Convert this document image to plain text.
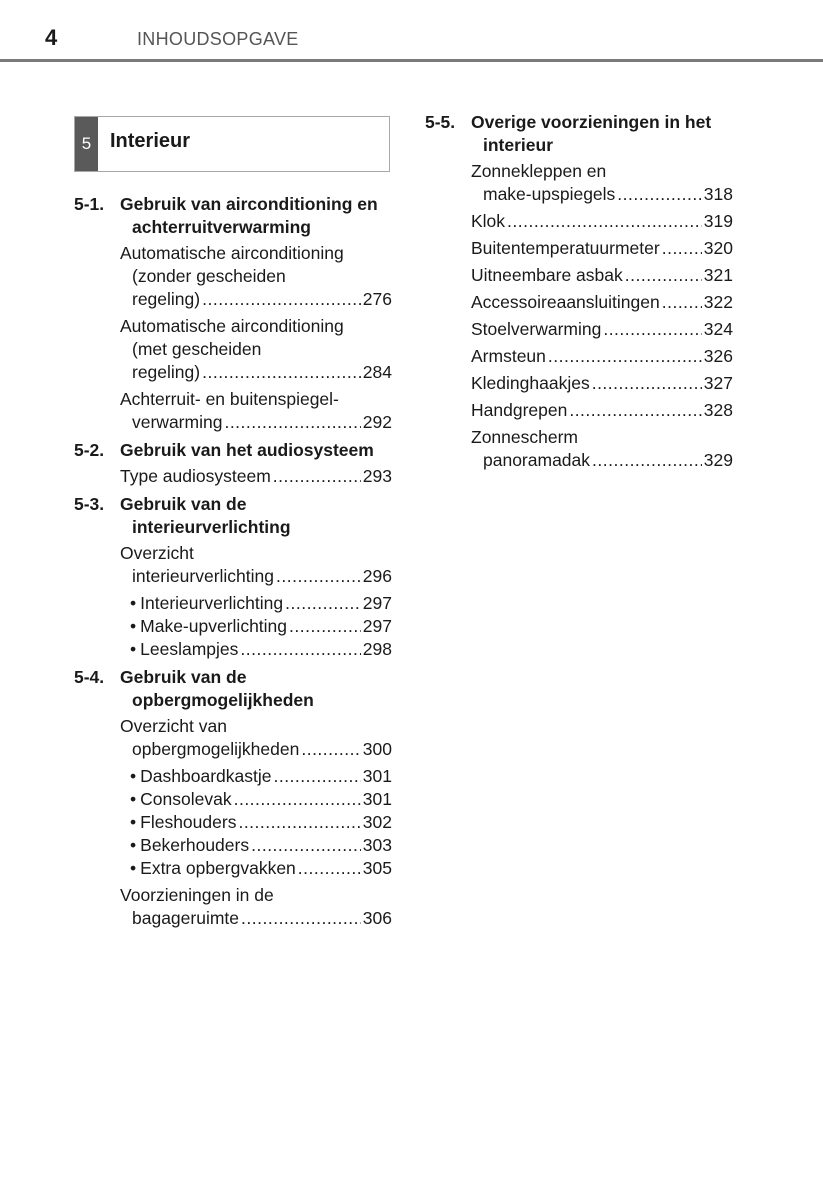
4	INHOUDSOPGAVE
5 Interieur
5-1. Gebruik van airconditioning en achterruitverwarming
Automatische airconditioning
(zonder gescheiden
regeling) .....	276
Automatische airconditioning
(met gescheiden
regeling) .....	284
Achterruit- en buitenspiegel-
verwarming .....	292
5-2. Gebruik van het audiosysteem
Type audiosysteem .....	293
5-3. Gebruik van de interieurverlichting
Overzicht
interieurverlichting .....	296
• Interieurverlichting .....	297
• Make-upverlichting .....	297
• Leeslampjes .....	298
5-4. Gebruik van de opbergmogelijkheden
Overzicht van
opbergmogelijkheden .....	300
• Dashboardkastje .....	301
• Consolevak .....	301
• Fleshouders .....	302
• Bekerhouders .....	303
• Extra opbergvakken .....	305
Voorzieningen in de
bagageruimte .....	306
5-5. Overige voorzieningen in het interieur
Zonnekleppen en
make-upspiegels .....	318
Klok .....	319
Buitentemperatuurmeter .....	320
Uitneembare asbak .....	321
Accessoireaansluitingen .....	322
Stoelverwarming .....	324
Armsteun .....	326
Kledinghaakjes .....	327
Handgrepen .....	328
Zonnescherm
panoramadak .....	329
